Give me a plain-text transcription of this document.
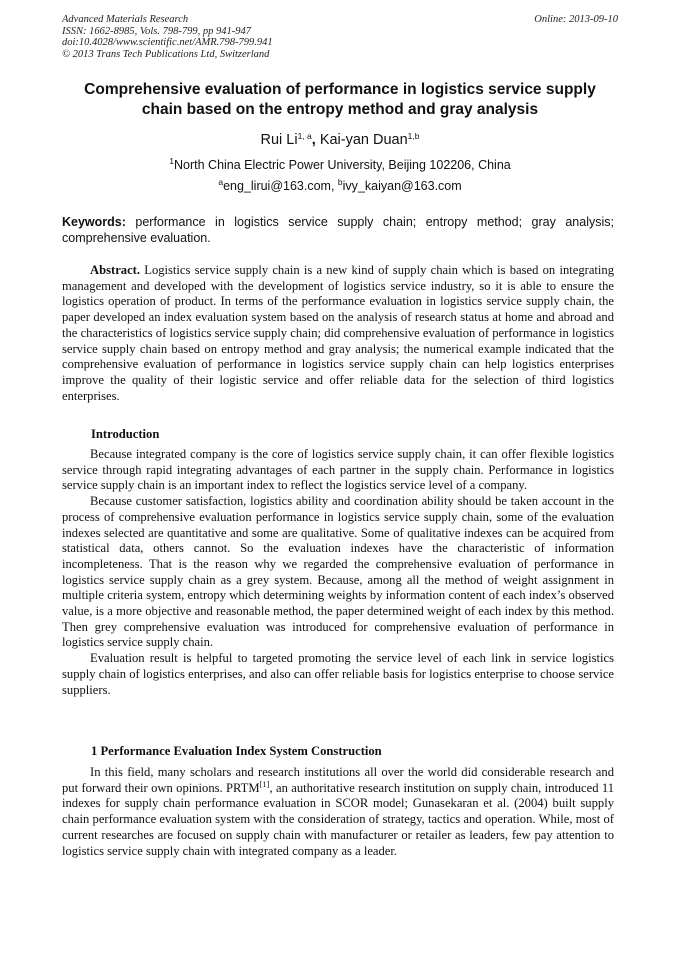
Advanced Materials Research
ISSN: 1662-8985, Vols. 798-799, pp 941-947
doi:10.4028/www.scientific.net/AMR.798-799.941
© 2013 Trans Tech Publications Ltd, Switzerland
Online: 2013-09-10
Comprehensive evaluation of performance in logistics service supply chain based on the entropy method and gray analysis
Rui Li$^{1, a}$, Kai-yan Duan$^{1,b}$
$^1$North China Electric Power University, Beijing 102206, China
$^a$eng_lirui@163.com, $^b$ivy_kaiyan@163.com
Keywords: performance in logistics service supply chain; entropy method; gray analysis; comprehensive evaluation.

Abstract. Logistics service supply chain is a new kind of supply chain which is based on integrating management and developed with the development of logistics service industry, so it is able to ensure the logistics operation of product. In terms of the performance evaluation in logistics service supply chain, the paper developed an index evaluation system based on the analysis of research status at home and abroad and the characteristics of logistics service supply chain; did comprehensive evaluation of performance in logistics service supply chain based on entropy method and gray analysis; the numerical example indicated that the comprehensive evaluation of performance in logistics service supply chain can help logistics enterprises improve the quality of their logistic service and offer reliable data for the selection of third logistics enterprises.

Introduction

Because integrated company is the core of logistics service supply chain, it can offer flexible logistics service through rapid integrating advantages of each partner in the supply chain. Performance in logistics service supply chain is an important index to reflect the logistics service level of a company.

Because customer satisfaction, logistics ability and coordination ability should be taken account in the process of comprehensive evaluation performance in logistics service supply chain, some of the evaluation indexes selected are quantitative and some are qualitative. Some of qualitative indexes can be acquired from statistical data, others cannot. So the evaluation indexes have the characteristic of information incompleteness. That is the reason why we regarded the comprehensive evaluation of performance in logistics service supply chain as a grey system. Because, among all the method of weight assignment in multiple criteria system, entropy which determining weights by information content of each index’s observed value, is a more objective and reasonable method, the paper determined weight of each index by this method. Then grey comprehensive evaluation was introduced for comprehensive evaluation of performance in logistics service supply chain.

Evaluation result is helpful to targeted promoting the service level of each link in service logistics supply chain of logistics enterprises, and also can offer reliable basis for logistics enterprise to choose service suppliers.

1 Performance Evaluation Index System Construction

In this field, many scholars and research institutions all over the world did considerable research and put forward their own opinions. PRTM[1], an authoritative research institution on supply chain, introduced 11 indexes for supply chain performance evaluation in SCOR model; Gunasekaran et al. (2004) built supply chain performance evaluation system with the consideration of strategy, tactics and operation. While, most of current researches are focused on supply chain with manufacturer or retailer as leaders, few pay attention to logistics service supply chain with integrated company as a leader.
